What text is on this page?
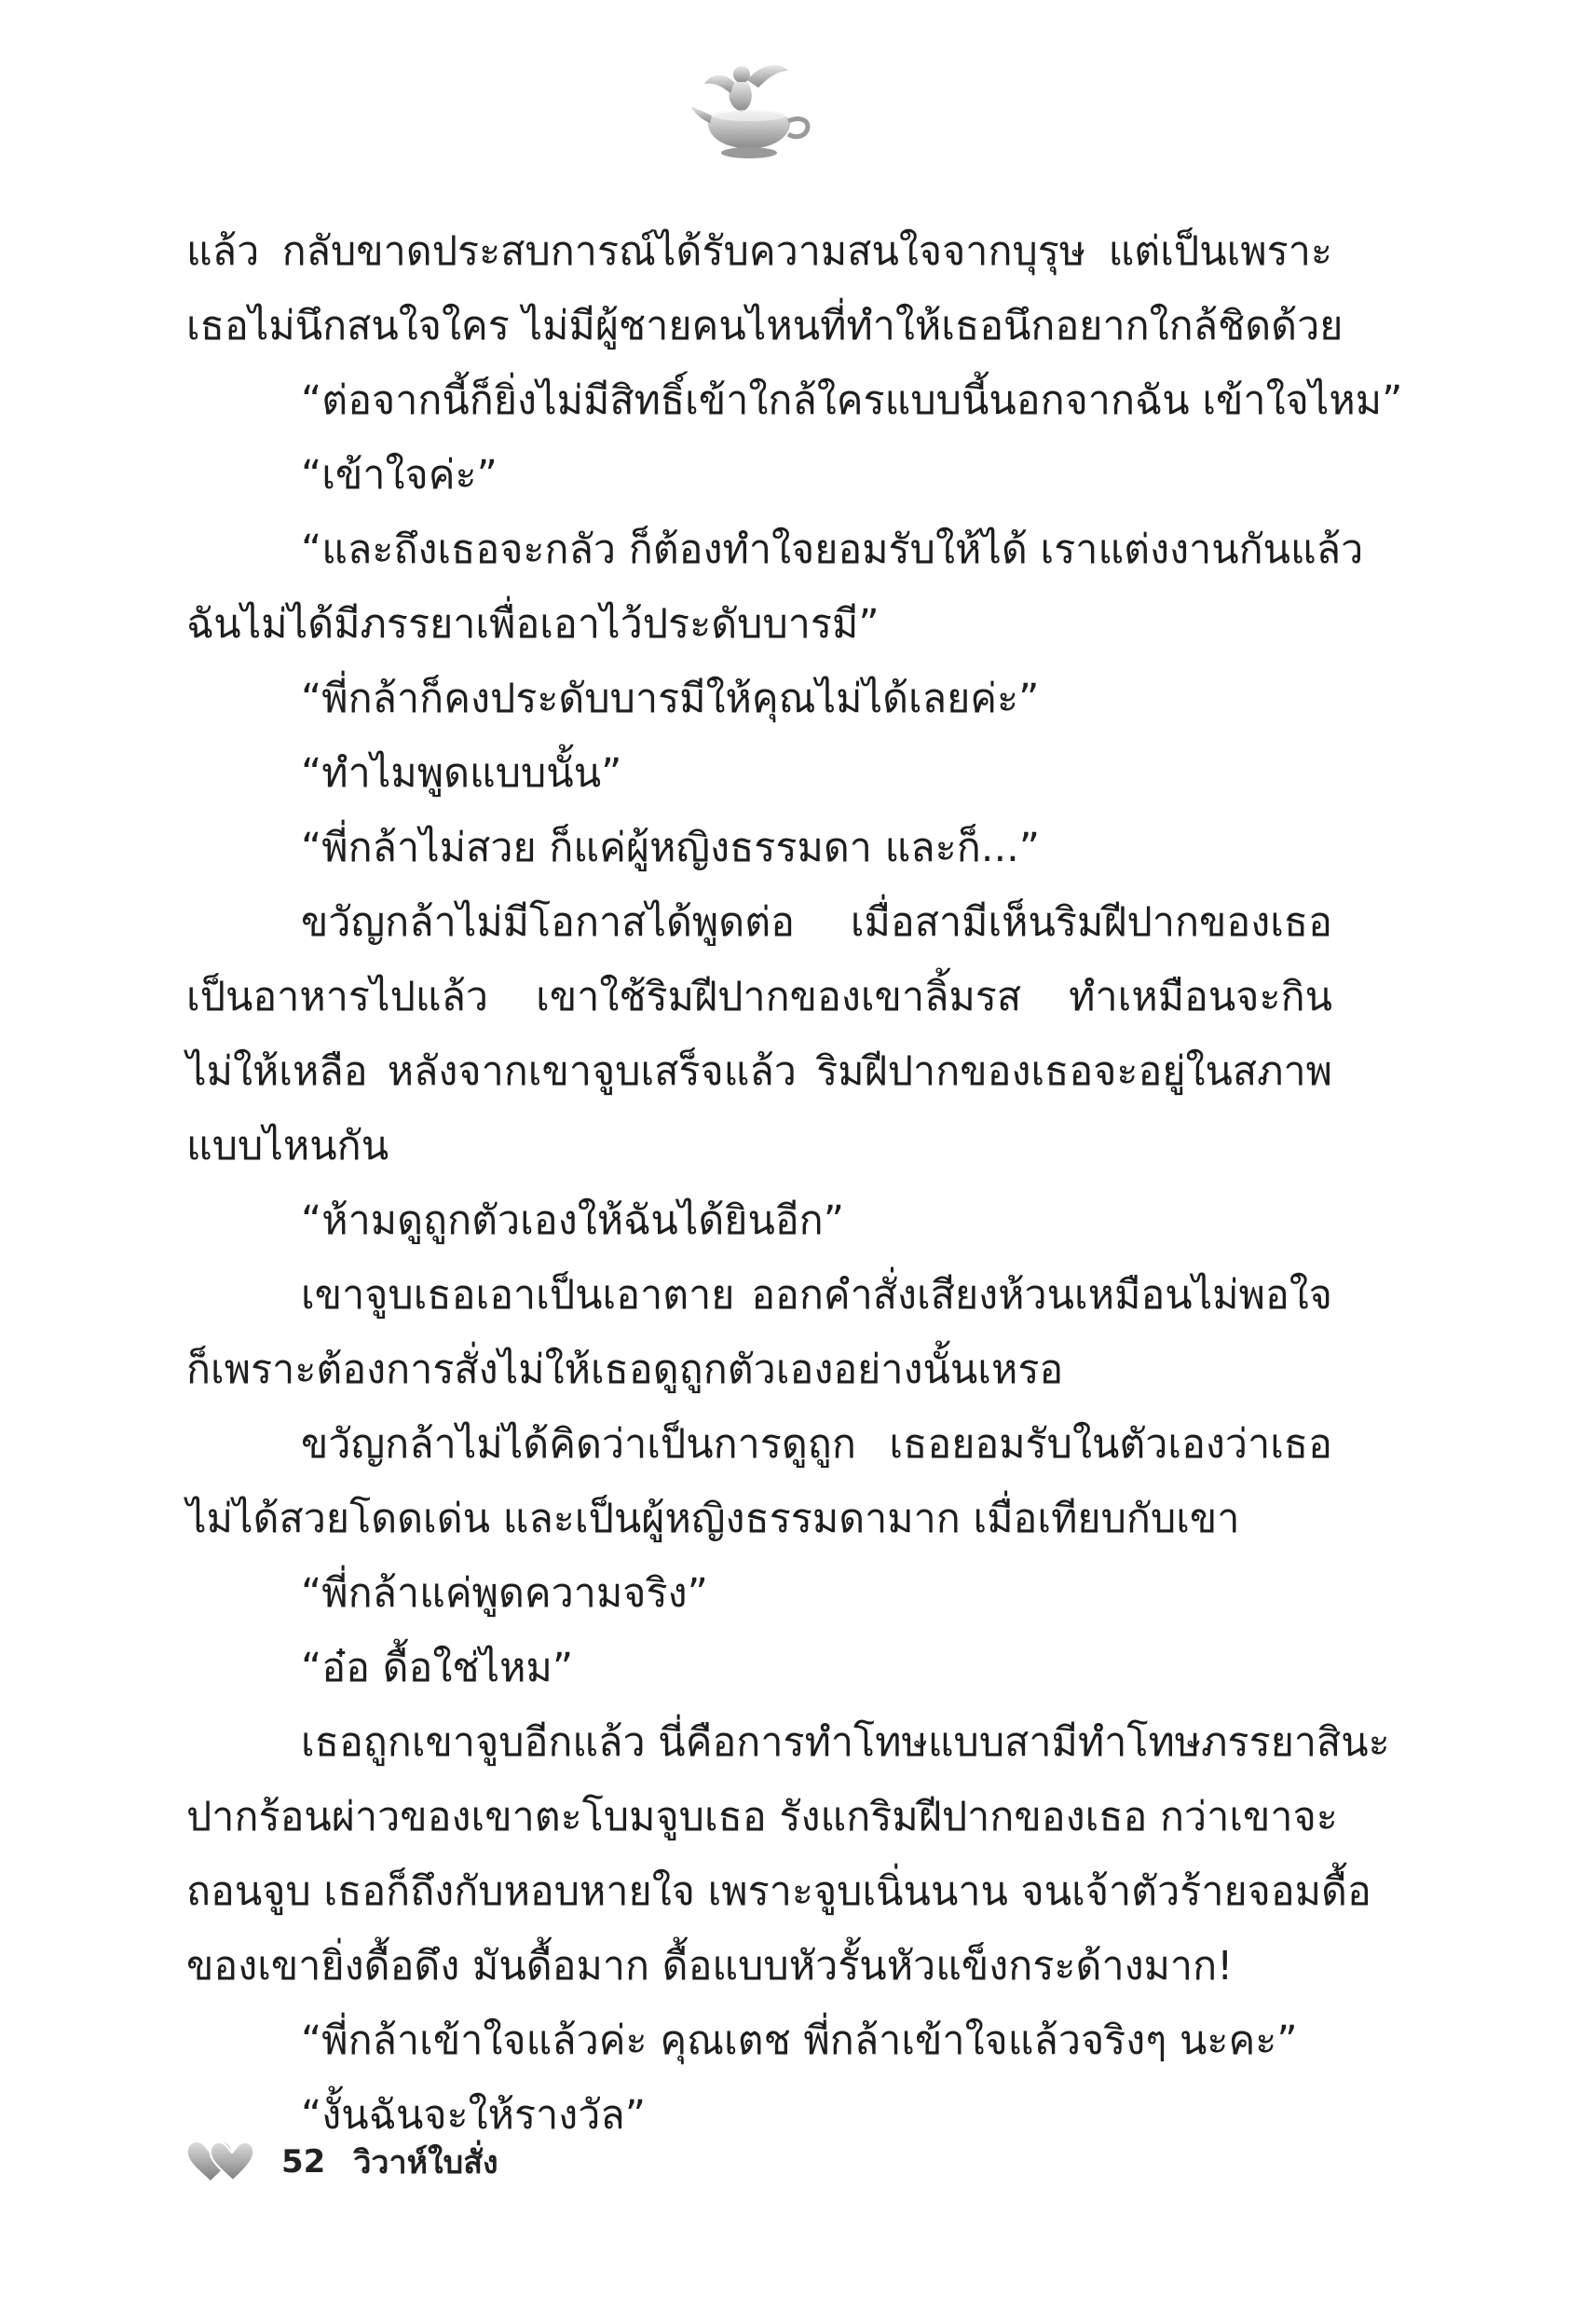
แล้ว กลับขาดประสบการณ์ได้รับความสนใจจากบุรุษ แต่เป็นเพราะ
เธอไม่นึกสนใจใคร ไม่มีผู้ชายคนไหนที่ทำให้เธอนึกอยากใกล้ชิดด้วย
“ต่อจากนี้ก็ยิ่งไม่มีสิทธิ์เข้าใกล้ใครแบบนี้นอกจากฉัน เข้าใจไหม”
“เข้าใจค่ะ”
“และถึงเธอจะกลัว ก็ต้องทำใจยอมรับให้ได้ เราแต่งงานกันแล้ว
ฉันไม่ได้มีภรรยาเพื่อเอาไว้ประดับบารมี”
“พี่กล้าก็คงประดับบารมีให้คุณไม่ได้เลยค่ะ”
“ทำไมพูดแบบนั้น”
“พี่กล้าไม่สวย ก็แค่ผู้หญิงธรรมดา และก็...”
ขวัญกล้าไม่มีโอกาสได้พูดต่อ เมื่อสามีเห็นริมฝีปากของเธอ
เป็นอาหารไปแล้ว เขาใช้ริมฝีปากของเขาลิ้มรส ทำเหมือนจะกิน
ไม่ให้เหลือ หลังจากเขาจูบเสร็จแล้ว ริมฝีปากของเธอจะอยู่ในสภาพ
แบบไหนกัน
“ห้ามดูถูกตัวเองให้ฉันได้ยินอีก”
เขาจูบเธอเอาเป็นเอาตาย ออกคำสั่งเสียงห้วนเหมือนไม่พอใจ
ก็เพราะต้องการสั่งไม่ให้เธอดูถูกตัวเองอย่างนั้นเหรอ
ขวัญกล้าไม่ได้คิดว่าเป็นการดูถูก เธอยอมรับในตัวเองว่าเธอ
ไม่ได้สวยโดดเด่น และเป็นผู้หญิงธรรมดามาก เมื่อเทียบกับเขา
“พี่กล้าแค่พูดความจริง”
“อ๋อ ดื้อใช่ไหม”
เธอถูกเขาจูบอีกแล้ว นี่คือการทำโทษแบบสามีทำโทษภรรยาสินะ
ปากร้อนผ่าวของเขาตะโบมจูบเธอ รังแกริมฝีปากของเธอ กว่าเขาจะ
ถอนจูบ เธอก็ถึงกับหอบหายใจ เพราะจูบเนิ่นนาน จนเจ้าตัวร้ายจอมดื้อ
ของเขายิ่งดื้อดึง มันดื้อมาก ดื้อแบบหัวรั้นหัวแข็งกระด้างมาก!
“พี่กล้าเข้าใจแล้วค่ะ คุณเตช พี่กล้าเข้าใจแล้วจริงๆ นะคะ”
“งั้นฉันจะให้รางวัล”
52 วิวาห์ใบสั่ง
